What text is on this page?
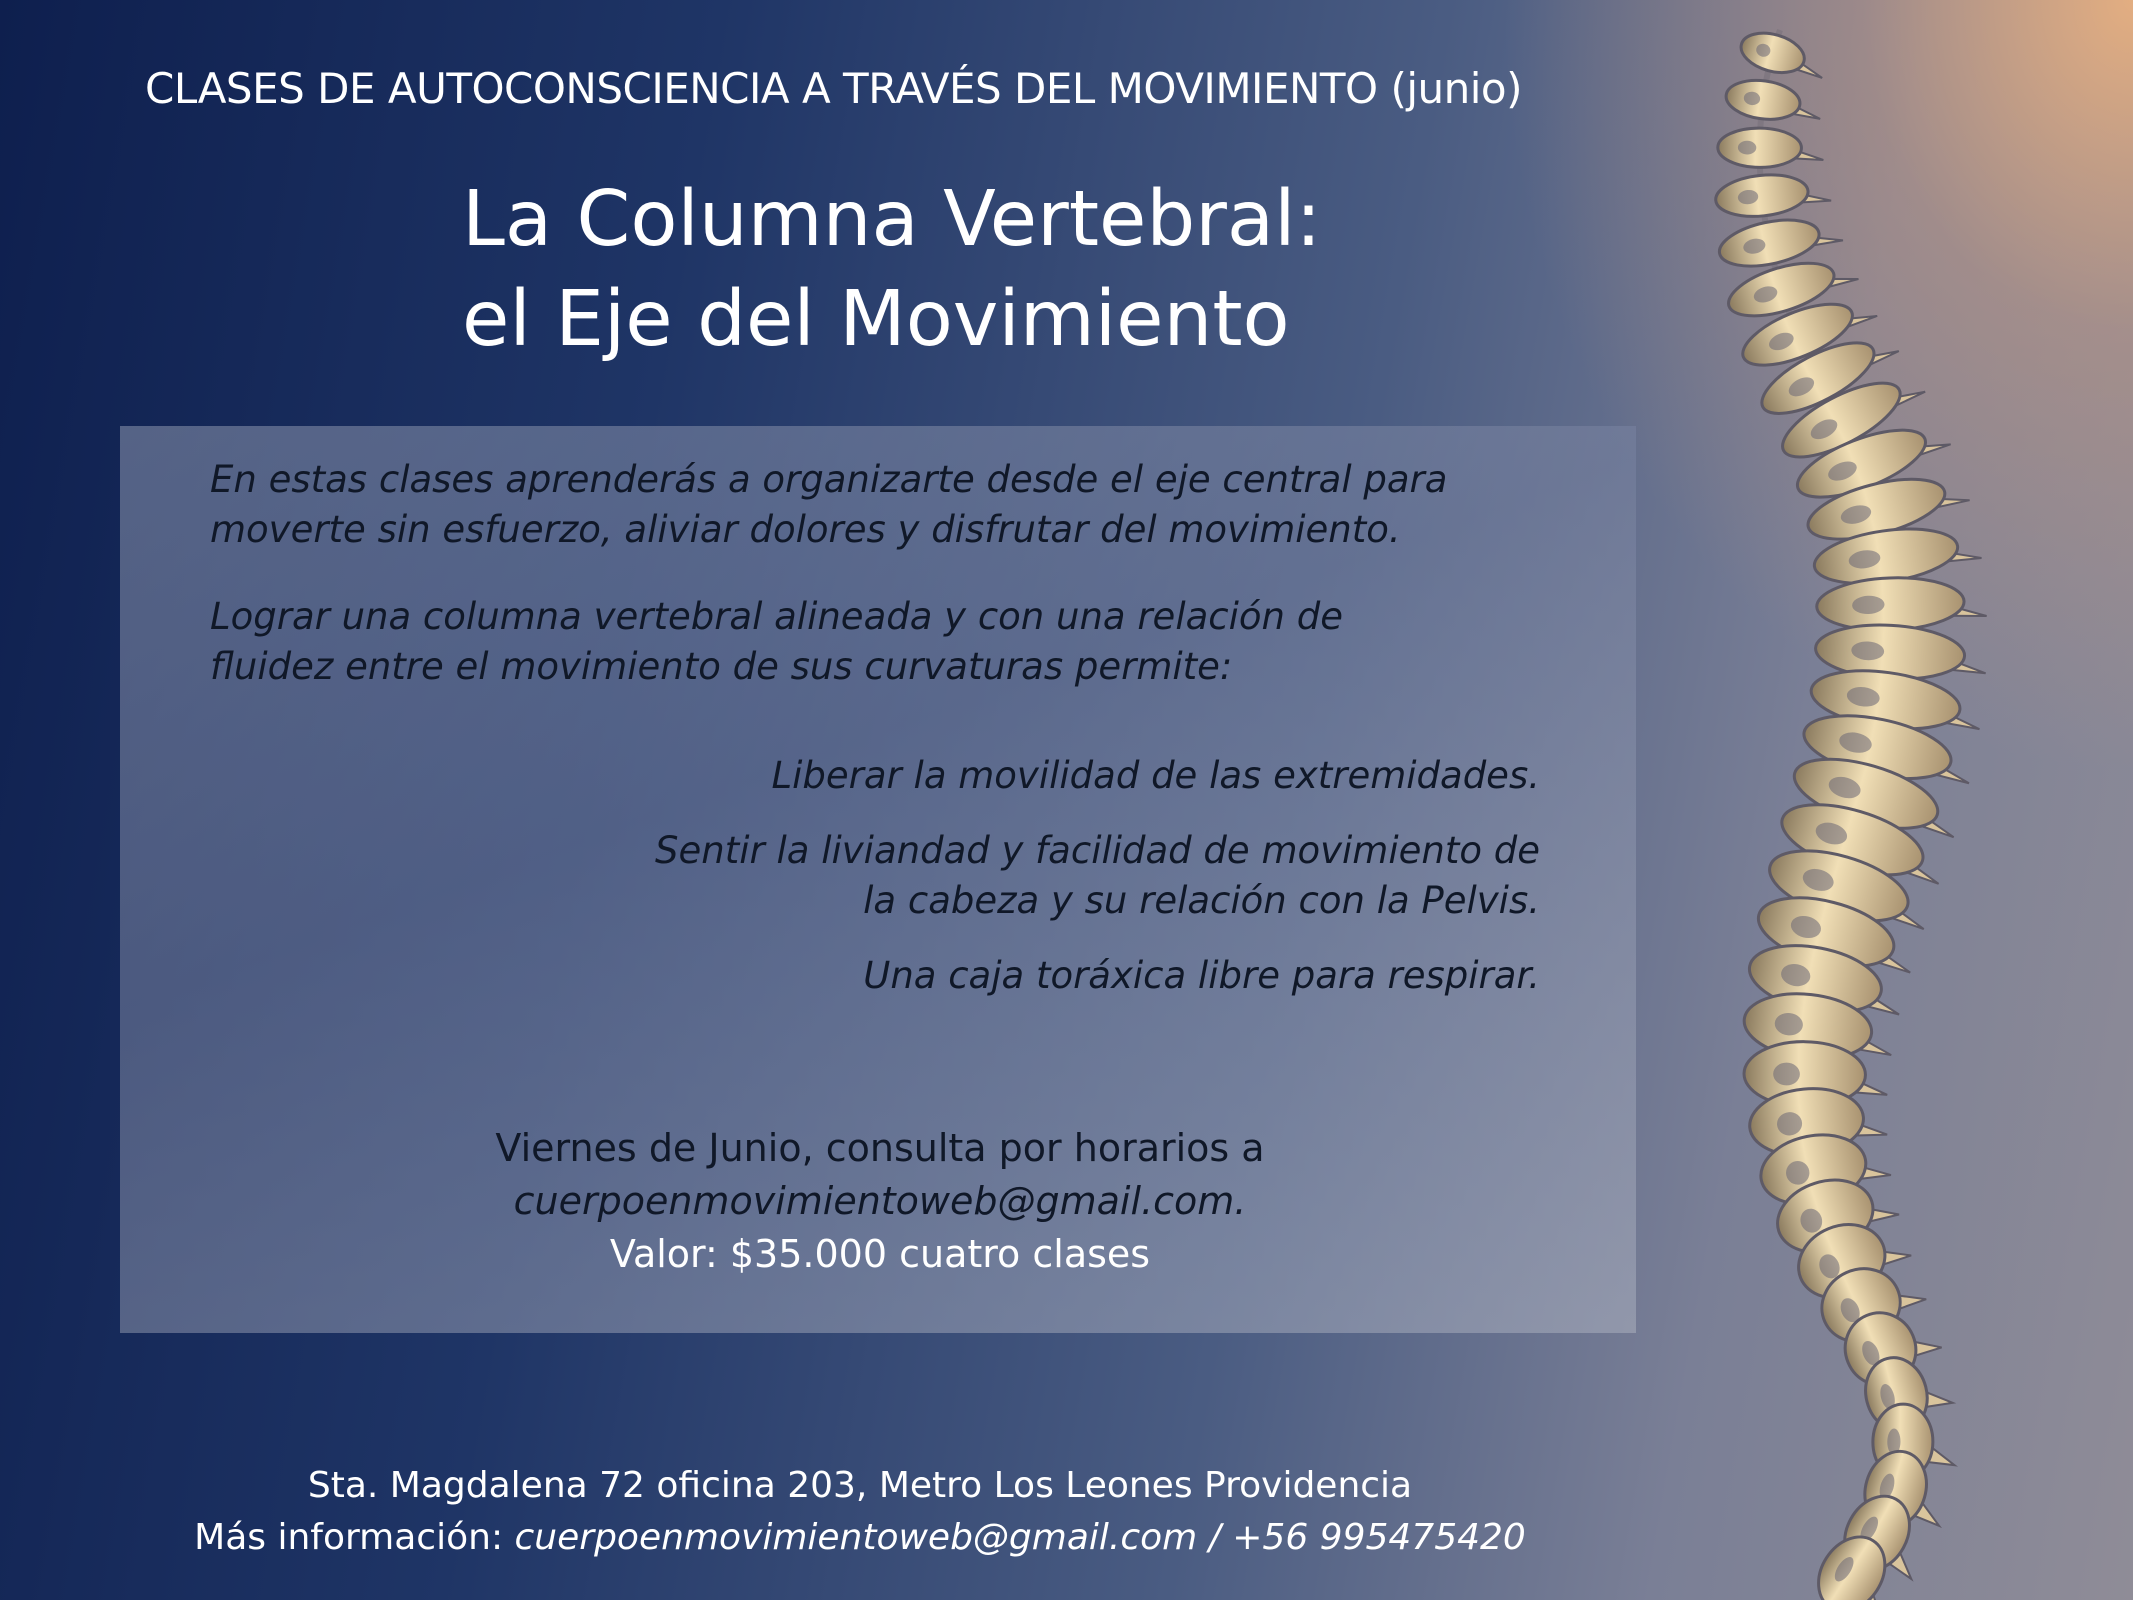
CLASES DE AUTOCONSCIENCIA A TRAVÉS DEL MOVIMIENTO (junio)
La Columna Vertebral:
el Eje del Movimiento

En estas clases aprenderás a organizarte desde el eje central para
moverte sin esfuerzo, aliviar dolores y disfrutar del movimiento.

Lograr una columna vertebral alineada y con una relación de
fluidez entre el movimiento de sus curvaturas permite:

Liberar la movilidad de las extremidades.

Sentir la liviandad y facilidad de movimiento de
la cabeza y su relación con la Pelvis.

Una caja toráxica libre para respirar.

Viernes de Junio, consulta por horarios a
cuerpoenmovimientoweb@gmail.com.
Valor: $35.000 cuatro clases
Sta. Magdalena 72 oficina 203, Metro Los Leones Providencia
Más información: cuerpoenmovimientoweb@gmail.com / +56 995475420
